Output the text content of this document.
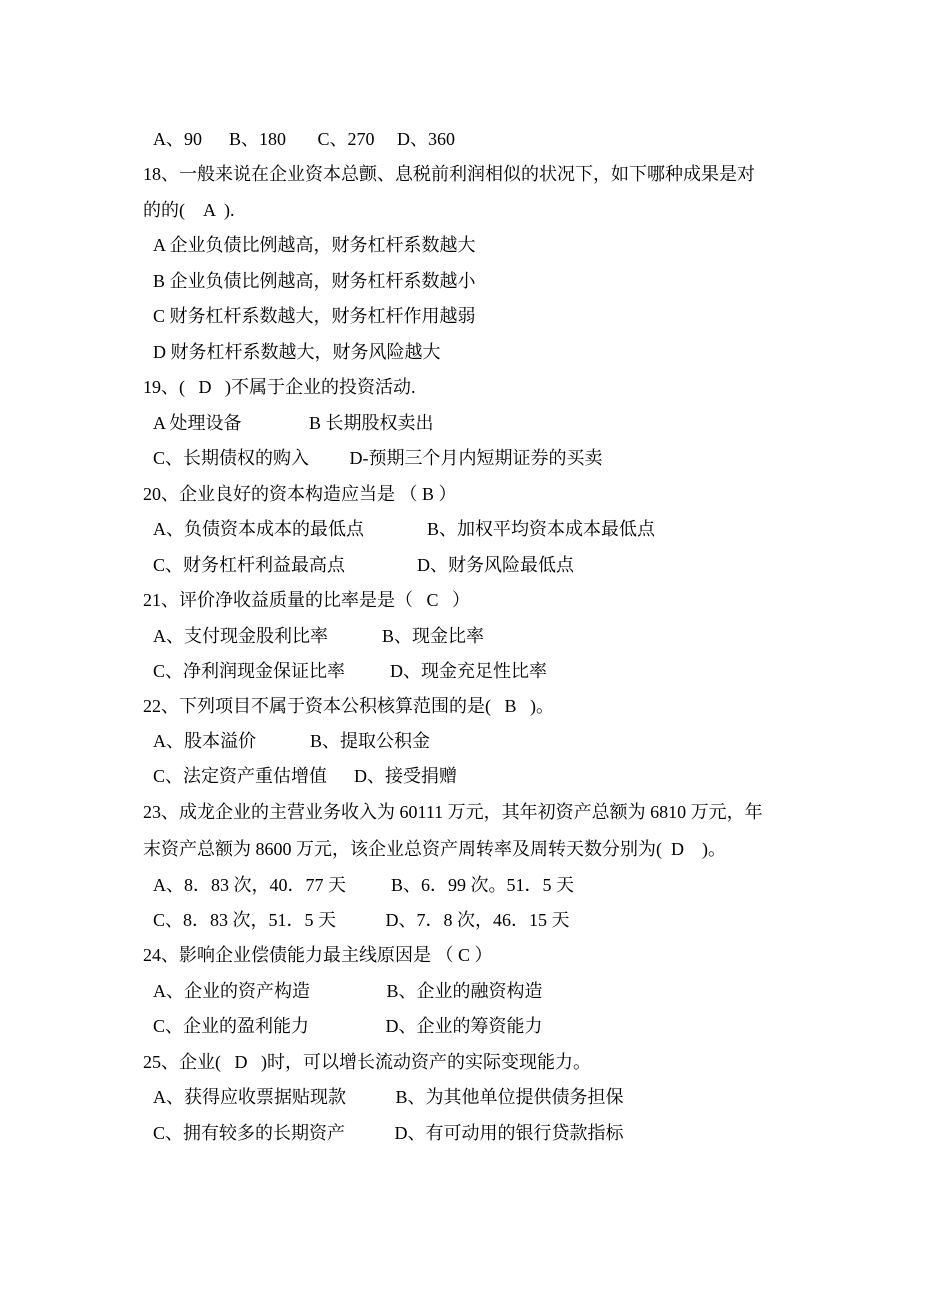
A、90      B、180       C、270     D、360
18、一般来说在企业资本总颤、息税前利润相似的状况下，如下哪种成果是对
的的(    A  ).
A 企业负债比例越高，财务杠杆系数越大
B 企业负债比例越高，财务杠杆系数越小
C 财务杠杆系数越大，财务杠杆作用越弱
D 财务杠杆系数越大，财务风险越大
19、(   D   )不属于企业的投资活动.
A 处理设备               B 长期股权卖出
C、长期债权的购入         D-预期三个月内短期证券的买卖
20、企业良好的资本构造应当是 （ B ）
A、负债资本成本的最低点              B、加权平均资本成本最低点
C、财务杠杆利益最高点                D、财务风险最低点
21、评价净收益质量的比率是是（   C   ）
A、支付现金股利比率            B、现金比率
C、净利润现金保证比率          D、现金充足性比率
22、下列项目不属于资本公积核算范围的是(   B   )。
A、股本溢价            B、提取公积金
C、法定资产重估增值      D、接受捐赠
23、成龙企业的主营业务收入为 60111 万元，其年初资产总额为 6810 万元，年
末资产总额为 8600 万元，该企业总资产周转率及周转天数分别为(  D    )。
A、8．83 次，40．77 天          B、6．99 次。51．5 天
C、8．83 次，51．5 天           D、7．8 次，46．15 天
24、影响企业偿债能力最主线原因是 （ C ）
A、企业的资产构造                 B、企业的融资构造
C、企业的盈利能力                 D、企业的筹资能力
25、企业(   D   )时，可以增长流动资产的实际变现能力。
A、获得应收票据贴现款           B、为其他单位提供债务担保
C、拥有较多的长期资产           D、有可动用的银行贷款指标
